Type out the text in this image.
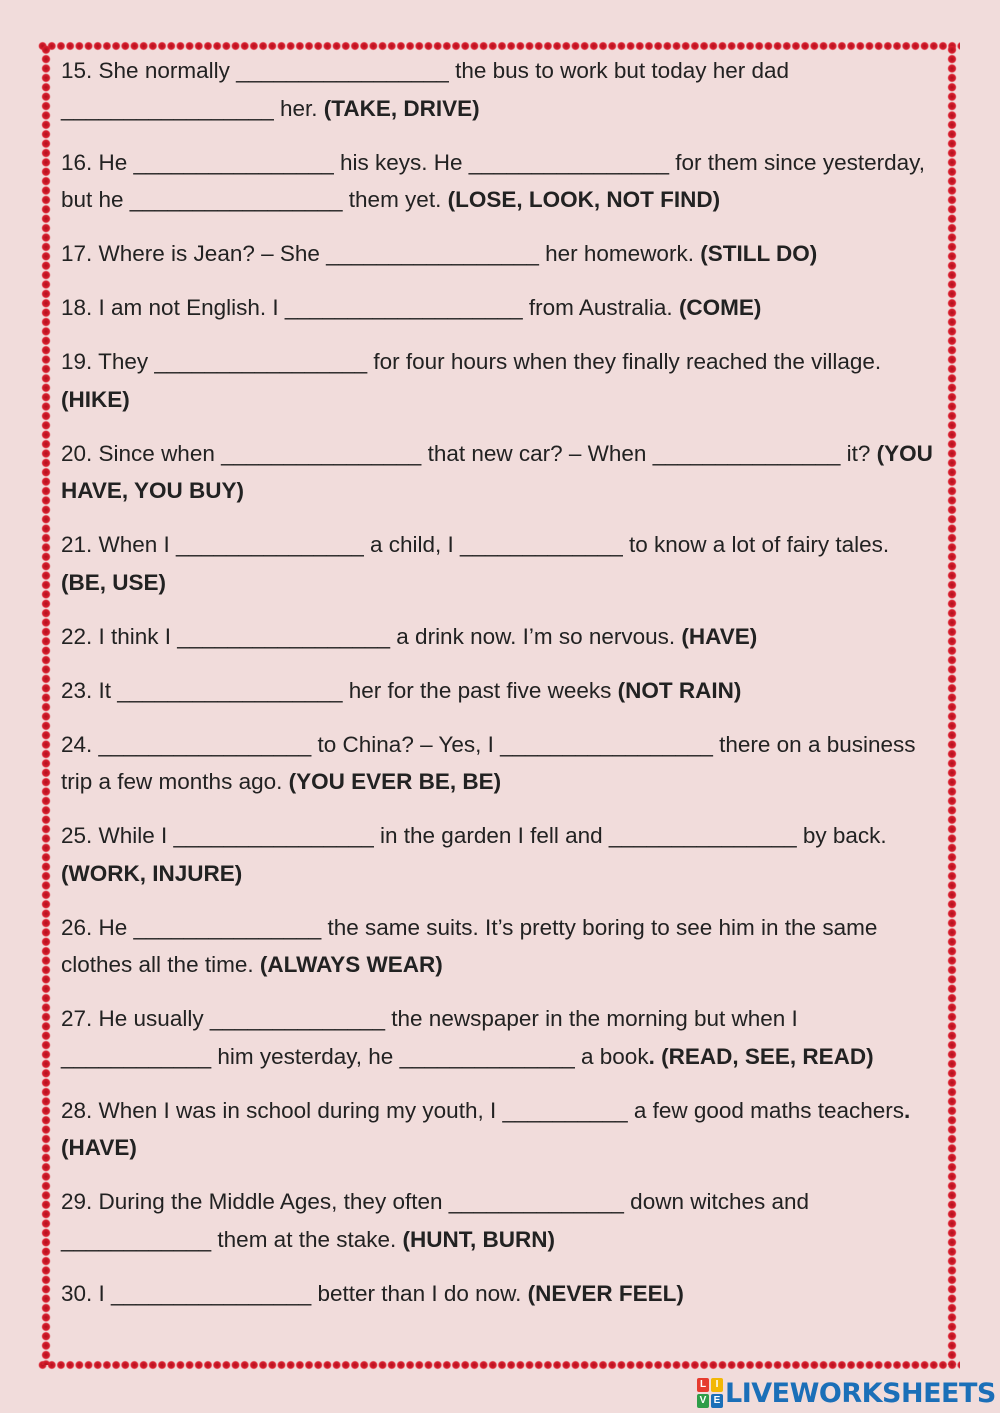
15. She normally _________________ the bus to work but today her dad _________________ her. (TAKE, DRIVE)

16. He ________________ his keys. He ________________ for them since yesterday, but he _________________ them yet. (LOSE, LOOK, NOT FIND)

17. Where is Jean? – She _________________ her homework. (STILL DO)

18. I am not English. I ___________________ from Australia. (COME)

19. They _________________ for four hours when they finally reached the village. (HIKE)

20. Since when ________________ that new car? – When _______________ it? (YOU HAVE, YOU BUY)

21. When I _______________ a child, I _____________ to know a lot of fairy tales. (BE, USE)

22. I think I _________________ a drink now. I’m so nervous. (HAVE)

23. It __________________ her for the past five weeks (NOT RAIN)

24. _________________ to China? – Yes, I _________________ there on a business trip a few months ago. (YOU EVER BE, BE)

25. While I ________________ in the garden I fell and _______________ by back. (WORK, INJURE)

26. He _______________ the same suits. It’s pretty boring to see him in the same clothes all the time. (ALWAYS WEAR)

27. He usually ______________ the newspaper in the morning but when I ____________ him yesterday, he ______________ a book. (READ, SEE, READ)

28. When I was in school during my youth, I __________ a few good maths teachers. (HAVE)

29. During the Middle Ages, they often ______________ down witches and ____________ them at the stake. (HUNT, BURN)

30. I ________________ better than I do now. (NEVER FEEL)

L I
V E LIVEWORKSHEETS
